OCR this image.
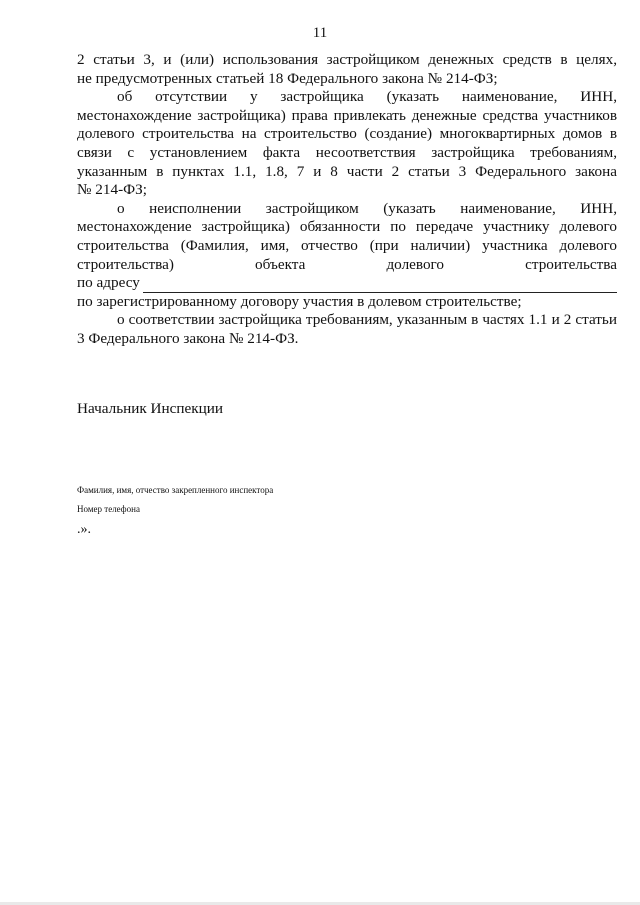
11

2 статьи 3, и (или) использования застройщиком денежных средств в целях,

не предусмотренных статьей 18 Федерального закона № 214-ФЗ;

об отсутствии у застройщика (указать наименование, ИНН, местонахождение застройщика) права привлекать денежные средства участников долевого строительства на строительство (создание) многоквартирных домов в связи с установлением факта несоответствия застройщика требованиям, указанным в пунктах 1.1, 1.8, 7 и 8 части 2 статьи 3 Федерального закона

№ 214-ФЗ;

о неисполнении застройщиком (указать наименование, ИНН, местонахождение застройщика) обязанности по передаче участнику долевого строительства (Фамилия, имя, отчество (при наличии) участника долевого строительства) объекта долевого строительства

по адресу

по зарегистрированному договору участия в долевом строительстве;

о соответствии застройщика требованиям, указанным в частях 1.1 и 2 статьи

3 Федерального закона № 214-ФЗ.

Начальник Инспекции
Фамилия, имя, отчество закрепленного инспектора
Номер телефона
.».
